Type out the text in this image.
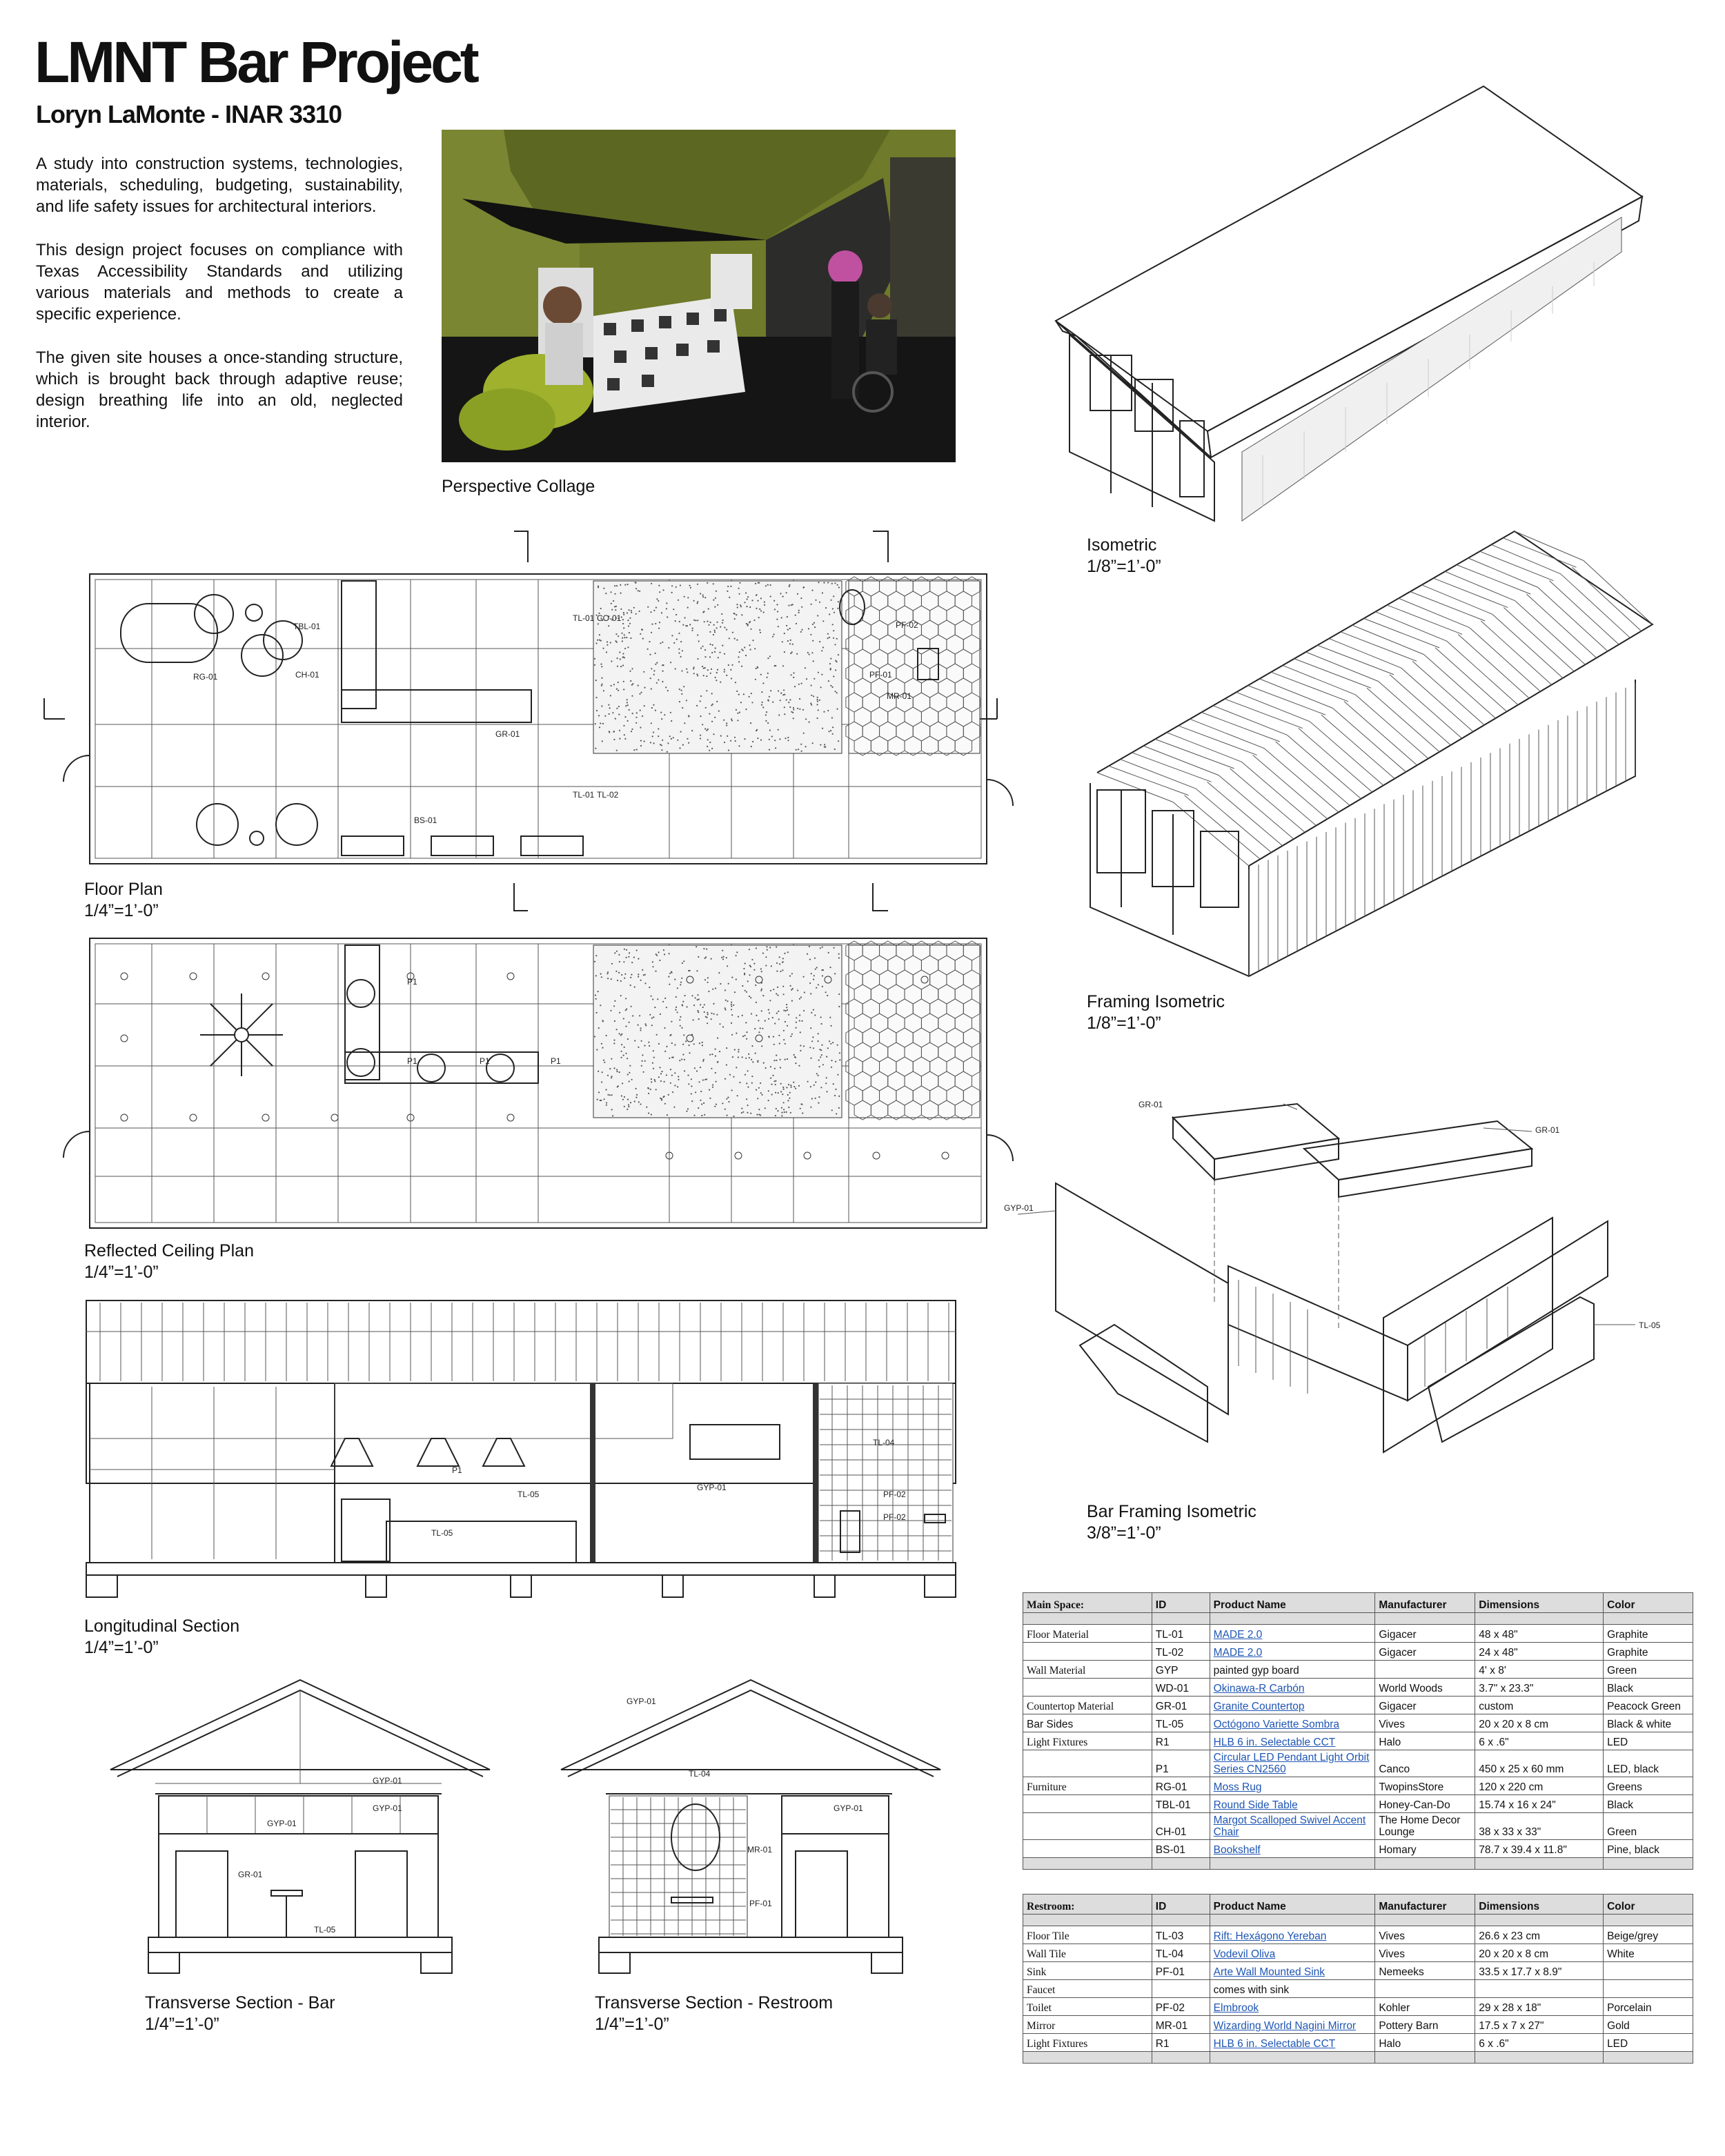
LMNT Bar Project
Loryn LaMonte - INAR 3310
A study into construction systems, technologies, materials, scheduling, budgeting, sustainability, and life safety issues for architectural interiors.
This design project focuses on compliance with Texas Accessibility Standards and utilizing various materials and methods to create a specific experience.
The given site houses a once-standing structure, which is brought back through adaptive reuse; design breathing life into an old, neglected interior.
Perspective Collage
Isometric
1/8”=1’-0”
Framing Isometric
1/8”=1’-0”
TBL-01
RG-01	CH-01
GR-01
BS-01
TL-01 CO-01
TL-01 TL-02
PF-02
PF-01
MR-01
Floor Plan
1/4”=1’-0”
P1
P1	P1	P1
Reflected Ceiling Plan
1/4”=1’-0”
GR-01
GR-01
GYP-01
TL-05
Bar Framing Isometric
3/8”=1’-0”
P1
TL-05
TL-05
GYP-01
TL-04
PF-02
PF-02
Longitudinal Section
1/4”=1’-0”
GYP-01
GYP-01
GYP-01
GR-01
TL-05
Transverse Section - Bar
1/4”=1’-0”
GYP-01
TL-04
GYP-01
MR-01
PF-01
Transverse Section - Restroom
1/4”=1’-0”
Main Space:	ID	Product Name	Manufacturer	Dimensions	Color

Floor Material	TL-01	MADE 2.0	Gigacer	48 x 48"	Graphite
	TL-02	MADE 2.0	Gigacer	24 x 48"	Graphite
Wall Material	GYP	painted gyp board		4' x 8'	Green
	WD-01	Okinawa-R Carbón	World Woods	3.7" x 23.3"	Black
Countertop Material	GR-01	Granite Countertop	Gigacer	custom	Peacock Green
Bar Sides	TL-05	Octógono Variette Sombra	Vives	20 x 20 x 8 cm	Black & white
Light Fixtures	R1	HLB 6 in. Selectable CCT	Halo	6 x .6"	LED
	P1	Circular LED Pendant Light Orbit Series CN2560	Canco	450 x 25 x 60 mm	LED, black
Furniture	RG-01	Moss Rug	TwopinsStore	120 x 220 cm	Greens
	TBL-01	Round Side Table	Honey-Can-Do	15.74 x 16 x 24"	Black
	CH-01	Margot Scalloped Swivel Accent Chair	The Home Decor Lounge	38 x 33 x 33"	Green
	BS-01	Bookshelf	Homary	78.7 x 39.4 x 11.8"	Pine, black

Restroom:	ID	Product Name	Manufacturer	Dimensions	Color

Floor Tile	TL-03	Rift: Hexágono Yereban	Vives	26.6 x 23 cm	Beige/grey
Wall Tile	TL-04	Vodevil Oliva	Vives	20 x 20 x 8 cm	White
Sink	PF-01	Arte Wall Mounted Sink	Nemeeks	33.5 x 17.7 x 8.9"	
Faucet		comes with sink			
Toilet	PF-02	Elmbrook	Kohler	29 x 28 x 18"	Porcelain
Mirror	MR-01	Wizarding World Nagini Mirror	Pottery Barn	17.5 x 7 x 27"	Gold
Light Fixtures	R1	HLB 6 in. Selectable CCT	Halo	6 x .6"	LED
